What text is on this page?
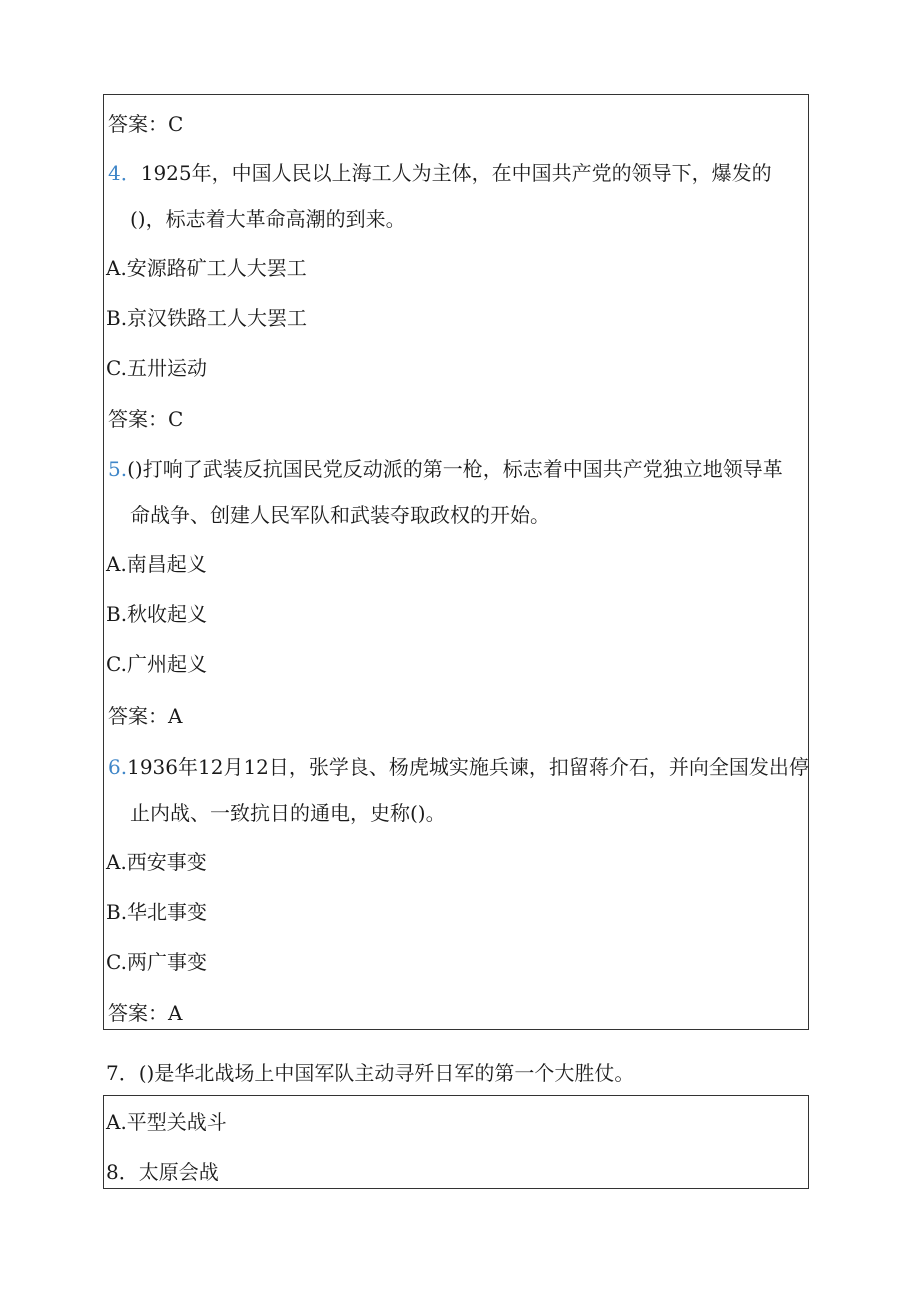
答案：C
4．1925年，中国人民以上海工人为主体，在中国共产党的领导下，爆发的
()，标志着大革命高潮的到来。
A.安源路矿工人大罢工
B.京汉铁路工人大罢工
C.五卅运动
答案：C
5.()打响了武装反抗国民党反动派的第一枪，标志着中国共产党独立地领导革
命战争、创建人民军队和武装夺取政权的开始。
A.南昌起义
B.秋收起义
C.广州起义
答案：A
6.1936年12月12日，张学良、杨虎城实施兵谏，扣留蒋介石，并向全国发出停
止内战、一致抗日的通电，史称()。
A.西安事变
B.华北事变
C.两广事变
答案：A
7．()是华北战场上中国军队主动寻歼日军的第一个大胜仗。
A.平型关战斗
8．太原会战
